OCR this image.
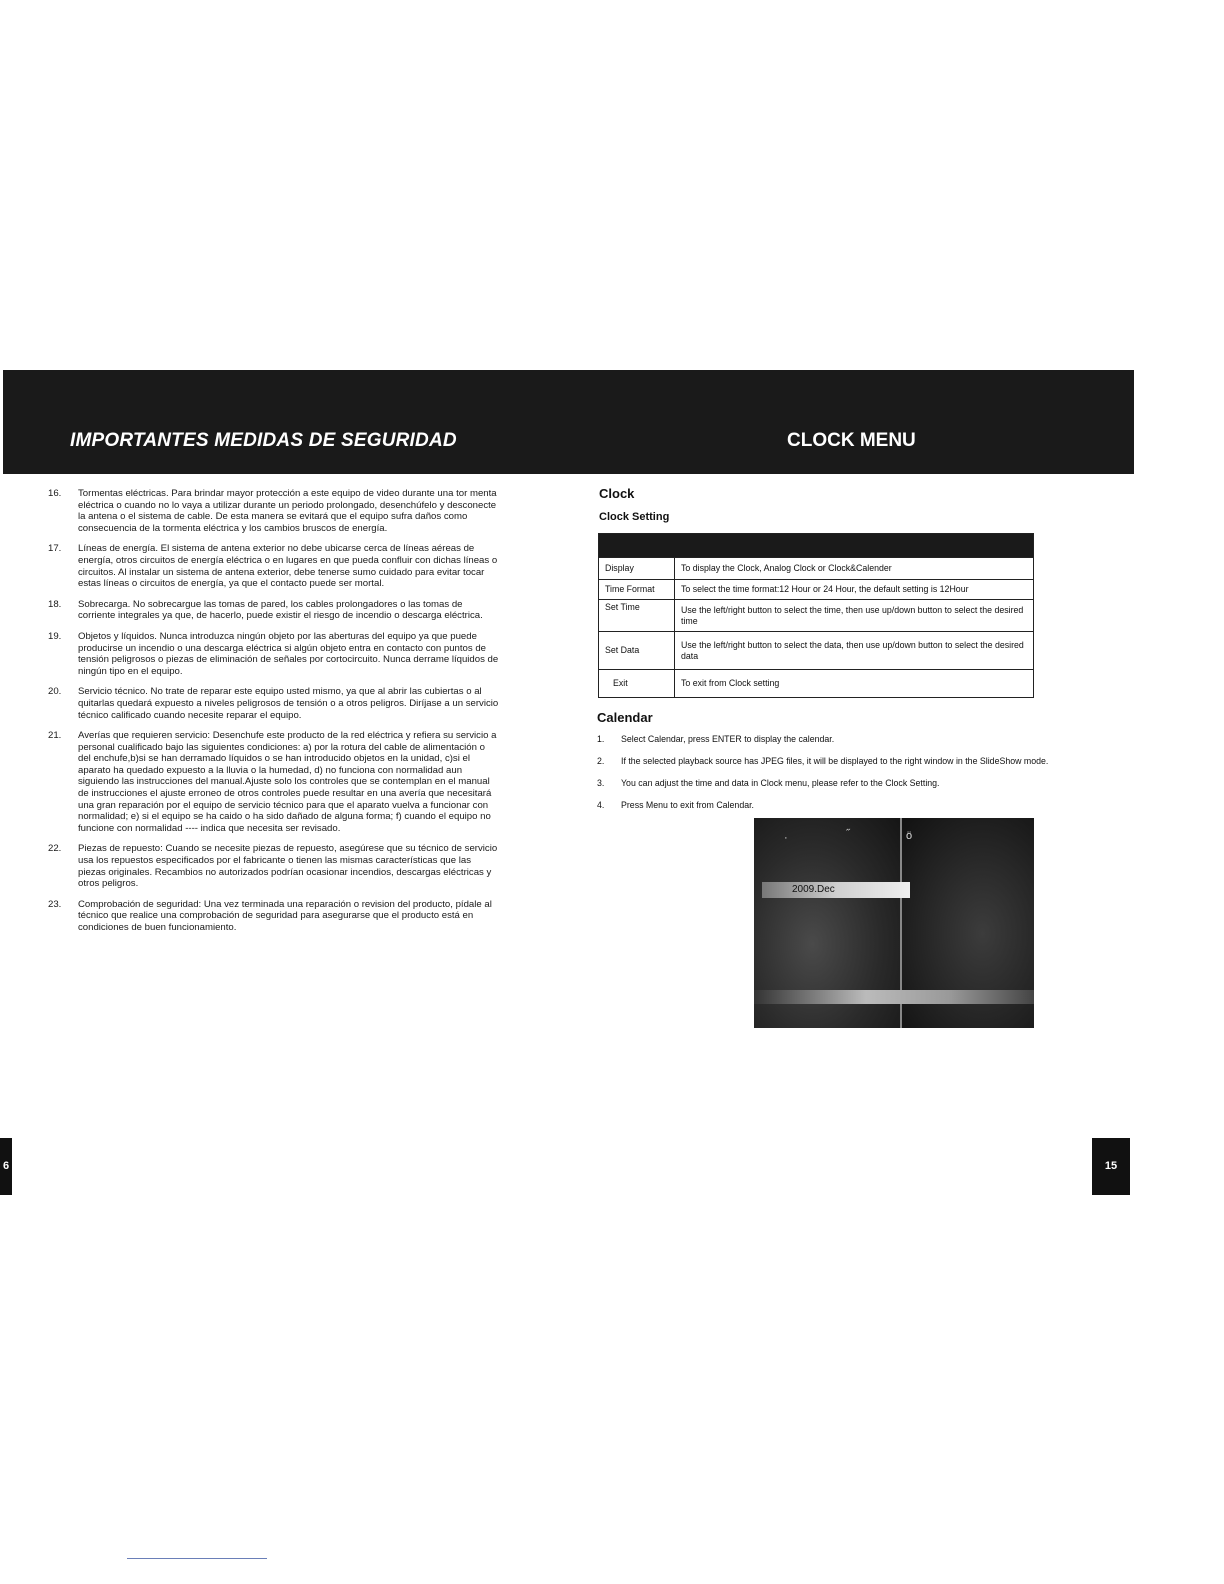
IMPORTANTES MEDIDAS DE SEGURIDAD	CLOCK MENU
16.	Tormentas eléctricas. Para brindar mayor protección a este equipo de video durante una tor menta eléctrica o cuando no lo vaya a utilizar durante un periodo prolongado, desenchúfelo y desconecte la antena o el sistema de cable. De esta manera se evitará que el equipo sufra daños como consecuencia de la tormenta eléctrica y los cambios bruscos de energía.
17.	Líneas de energía. El sistema de antena exterior no debe ubicarse cerca de líneas aéreas de energía, otros circuitos de energía eléctrica o en lugares en que pueda confluir con dichas líneas o circuitos. Al instalar un sistema de antena exterior, debe tenerse sumo cuidado para evitar tocar estas líneas o circuitos de energía, ya que el contacto puede ser mortal.
18.	Sobrecarga. No sobrecargue las tomas de pared, los cables prolongadores o las tomas de corriente integrales ya que, de hacerlo, puede existir el riesgo de incendio o descarga eléctrica.
19.	Objetos y líquidos. Nunca introduzca ningún objeto por las aberturas del equipo ya que puede producirse un incendio o una descarga eléctrica si algún objeto entra en contacto con puntos de tensión peligrosos o piezas de eliminación de señales por cortocircuito. Nunca derrame líquidos de ningún tipo en el equipo.
20.	Servicio técnico. No trate de reparar este equipo usted mismo, ya que al abrir las cubiertas o al quitarlas quedará expuesto a niveles peligrosos de tensión o a otros peligros. Diríjase a un servicio técnico calificado cuando necesite reparar el equipo.
21.	Averías que requieren servicio: Desenchufe este producto de la red eléctrica y refiera su servicio a personal cualificado bajo las siguientes condiciones: a) por la rotura del cable de alimentación o del enchufe,b)si se han derramado líquidos o se han introducido objetos en la unidad, c)si el aparato ha quedado expuesto a la lluvia o la humedad, d) no funciona con normalidad aun siguiendo las instrucciones del manual.Ajuste solo los controles que se contemplan en el manual de instrucciones el ajuste erroneo de otros controles puede resultar en una avería que necesitará una gran reparación por el equipo de servicio técnico para que el aparato vuelva a funcionar con normalidad; e) si el equipo se ha caido o ha sido dañado de alguna forma; f) cuando el equipo no funcione con normalidad ---- indica que necesita ser revisado.
22.	Piezas de repuesto: Cuando se necesite piezas de repuesto, asegúrese que su técnico de servicio usa los repuestos especificados por el fabricante o tienen las mismas características que las piezas originales. Recambios no autorizados podrían ocasionar incendios, descargas eléctricas y otros peligros.
23.	Comprobación de seguridad: Una vez terminada una reparación o revision del producto, pídale al técnico que realice una comprobación de seguridad para asegurarse que el producto está en condiciones de buen funcionamiento.
Clock
Clock Setting

Display	To display the Clock, Analog Clock or Clock&Calender
Time Format	To select the time format:12 Hour or 24 Hour, the default setting is 12Hour
Set Time	Use the left/right button to select the time, then use up/down button to select the desired time
Set Data	Use the left/right button to select the data, then use up/down button to select the desired data
Exit	To exit from Clock setting
Calendar
1. Select Calendar, press ENTER to display the calendar.
2. If the selected playback source has JPEG files, it will be displayed to the right window in the SlideShow mode.
3. You can adjust the time and data in Clock menu, please refer to the Clock Setting.
4. Press Menu to exit from Calendar.
2009.Dec
ö
·	˝
6	15
